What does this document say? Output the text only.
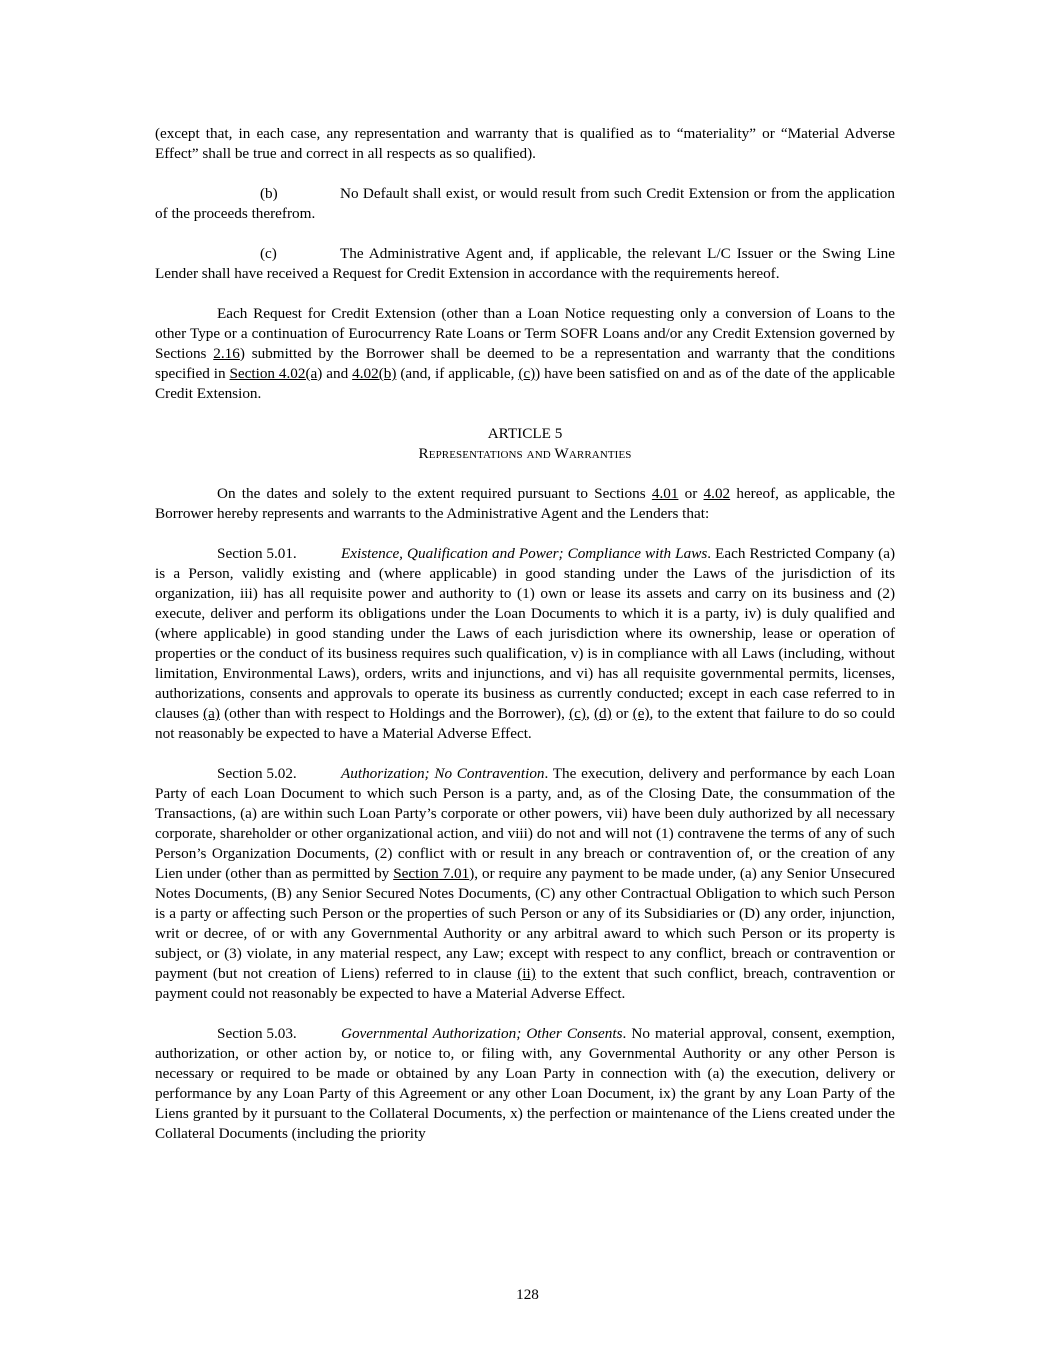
(except that, in each case, any representation and warranty that is qualified as to “materiality” or “Material Adverse Effect” shall be true and correct in all respects as so qualified).

(b)	No Default shall exist, or would result from such Credit Extension or from the application of the proceeds therefrom.

(c)	The Administrative Agent and, if applicable, the relevant L/C Issuer or the Swing Line Lender shall have received a Request for Credit Extension in accordance with the requirements hereof.

Each Request for Credit Extension (other than a Loan Notice requesting only a conversion of Loans to the other Type or a continuation of Eurocurrency Rate Loans or Term SOFR Loans and/or any Credit Extension governed by Sections 2.16) submitted by the Borrower shall be deemed to be a representation and warranty that the conditions specified in Section 4.02(a) and 4.02(b) (and, if applicable, (c)) have been satisfied on and as of the date of the applicable Credit Extension.

ARTICLE 5
Representations and Warranties

On the dates and solely to the extent required pursuant to Sections 4.01 or 4.02 hereof, as applicable, the Borrower hereby represents and warrants to the Administrative Agent and the Lenders that:

Section 5.01.	Existence, Qualification and Power; Compliance with Laws. Each Restricted Company (a) is a Person, validly existing and (where applicable) in good standing under the Laws of the jurisdiction of its organization, iii) has all requisite power and authority to (1) own or lease its assets and carry on its business and (2) execute, deliver and perform its obligations under the Loan Documents to which it is a party, iv) is duly qualified and (where applicable) in good standing under the Laws of each jurisdiction where its ownership, lease or operation of properties or the conduct of its business requires such qualification, v) is in compliance with all Laws (including, without limitation, Environmental Laws), orders, writs and injunctions, and vi) has all requisite governmental permits, licenses, authorizations, consents and approvals to operate its business as currently conducted; except in each case referred to in clauses (a) (other than with respect to Holdings and the Borrower), (c), (d) or (e), to the extent that failure to do so could not reasonably be expected to have a Material Adverse Effect.

Section 5.02.	Authorization; No Contravention. The execution, delivery and performance by each Loan Party of each Loan Document to which such Person is a party, and, as of the Closing Date, the consummation of the Transactions, (a) are within such Loan Party’s corporate or other powers, vii) have been duly authorized by all necessary corporate, shareholder or other organizational action, and viii) do not and will not (1) contravene the terms of any of such Person’s Organization Documents, (2) conflict with or result in any breach or contravention of, or the creation of any Lien under (other than as permitted by Section 7.01), or require any payment to be made under, (a) any Senior Unsecured Notes Documents, (B) any Senior Secured Notes Documents, (C) any other Contractual Obligation to which such Person is a party or affecting such Person or the properties of such Person or any of its Subsidiaries or (D) any order, injunction, writ or decree, of or with any Governmental Authority or any arbitral award to which such Person or its property is subject, or (3) violate, in any material respect, any Law; except with respect to any conflict, breach or contravention or payment (but not creation of Liens) referred to in clause (ii) to the extent that such conflict, breach, contravention or payment could not reasonably be expected to have a Material Adverse Effect.

Section 5.03.	Governmental Authorization; Other Consents. No material approval, consent, exemption, authorization, or other action by, or notice to, or filing with, any Governmental Authority or any other Person is necessary or required to be made or obtained by any Loan Party in connection with (a) the execution, delivery or performance by any Loan Party of this Agreement or any other Loan Document, ix) the grant by any Loan Party of the Liens granted by it pursuant to the Collateral Documents, x) the perfection or maintenance of the Liens created under the Collateral Documents (including the priority

128
